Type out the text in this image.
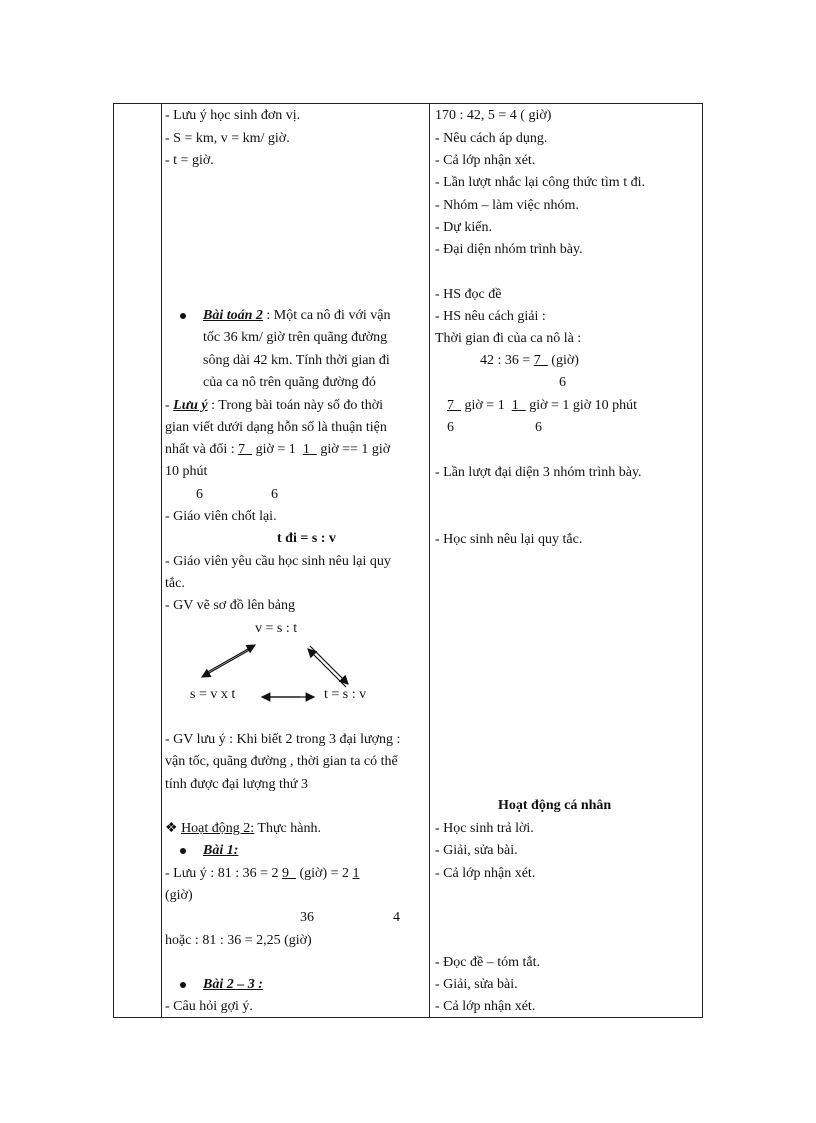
- Lưu ý học sinh đơn vị.
- S = km, v = km/ giờ.
- t = giờ.
Bài toán 2 : Một ca nô đi với vận
tốc 36 km/ giờ trên quãng đường
sông dài 42 km. Tính thời gian đi
của ca nô trên quãng đường đó
- Lưu ý : Trong bài toán này số đo thời
gian viết dưới dạng hỗn số là thuận tiện
nhất và đổi : 7 giờ = 1 1 giờ == 1 giờ
10 phút
6	6
- Giáo viên chốt lại.
t đi = s : v
- Giáo viên yêu cầu học sinh nêu lại quy
tắc.
- GV vẽ sơ đồ lên bảng
v = s : t
s = v x t	t = s : v
- GV lưu ý : Khi biết 2 trong 3 đại lượng :
vận tốc, quãng đường , thời gian ta có thể
tính được đại lượng thứ 3
❖ Hoạt động 2: Thực hành.
Bài 1:
- Lưu ý : 81 : 36 = 2 9 (giờ) = 2 1
(giờ)
36	4
hoặc : 81 : 36 = 2,25 (giờ)
Bài 2 – 3 :
- Câu hỏi gợi ý.
170 : 42, 5 = 4 ( giờ)
- Nêu cách áp dụng.
- Cả lớp nhận xét.
- Lần lượt nhắc lại công thức tìm t đi.
- Nhóm – làm việc nhóm.
- Dự kiến.
- Đại diện nhóm trình bày.
- HS đọc đề
- HS nêu cách giải :
Thời gian đi của ca nô là :
42 : 36 = 7 (giờ)
6
7 giờ = 1 1 giờ = 1 giờ 10 phút
6	6
- Lần lượt đại diện 3 nhóm trình bày.
- Học sinh nêu lại quy tắc.
Hoạt động cá nhân
- Học sinh trả lời.
- Giải, sửa bài.
- Cả lớp nhận xét.
- Đọc đề – tóm tắt.
- Giải, sửa bài.
- Cả lớp nhận xét.
